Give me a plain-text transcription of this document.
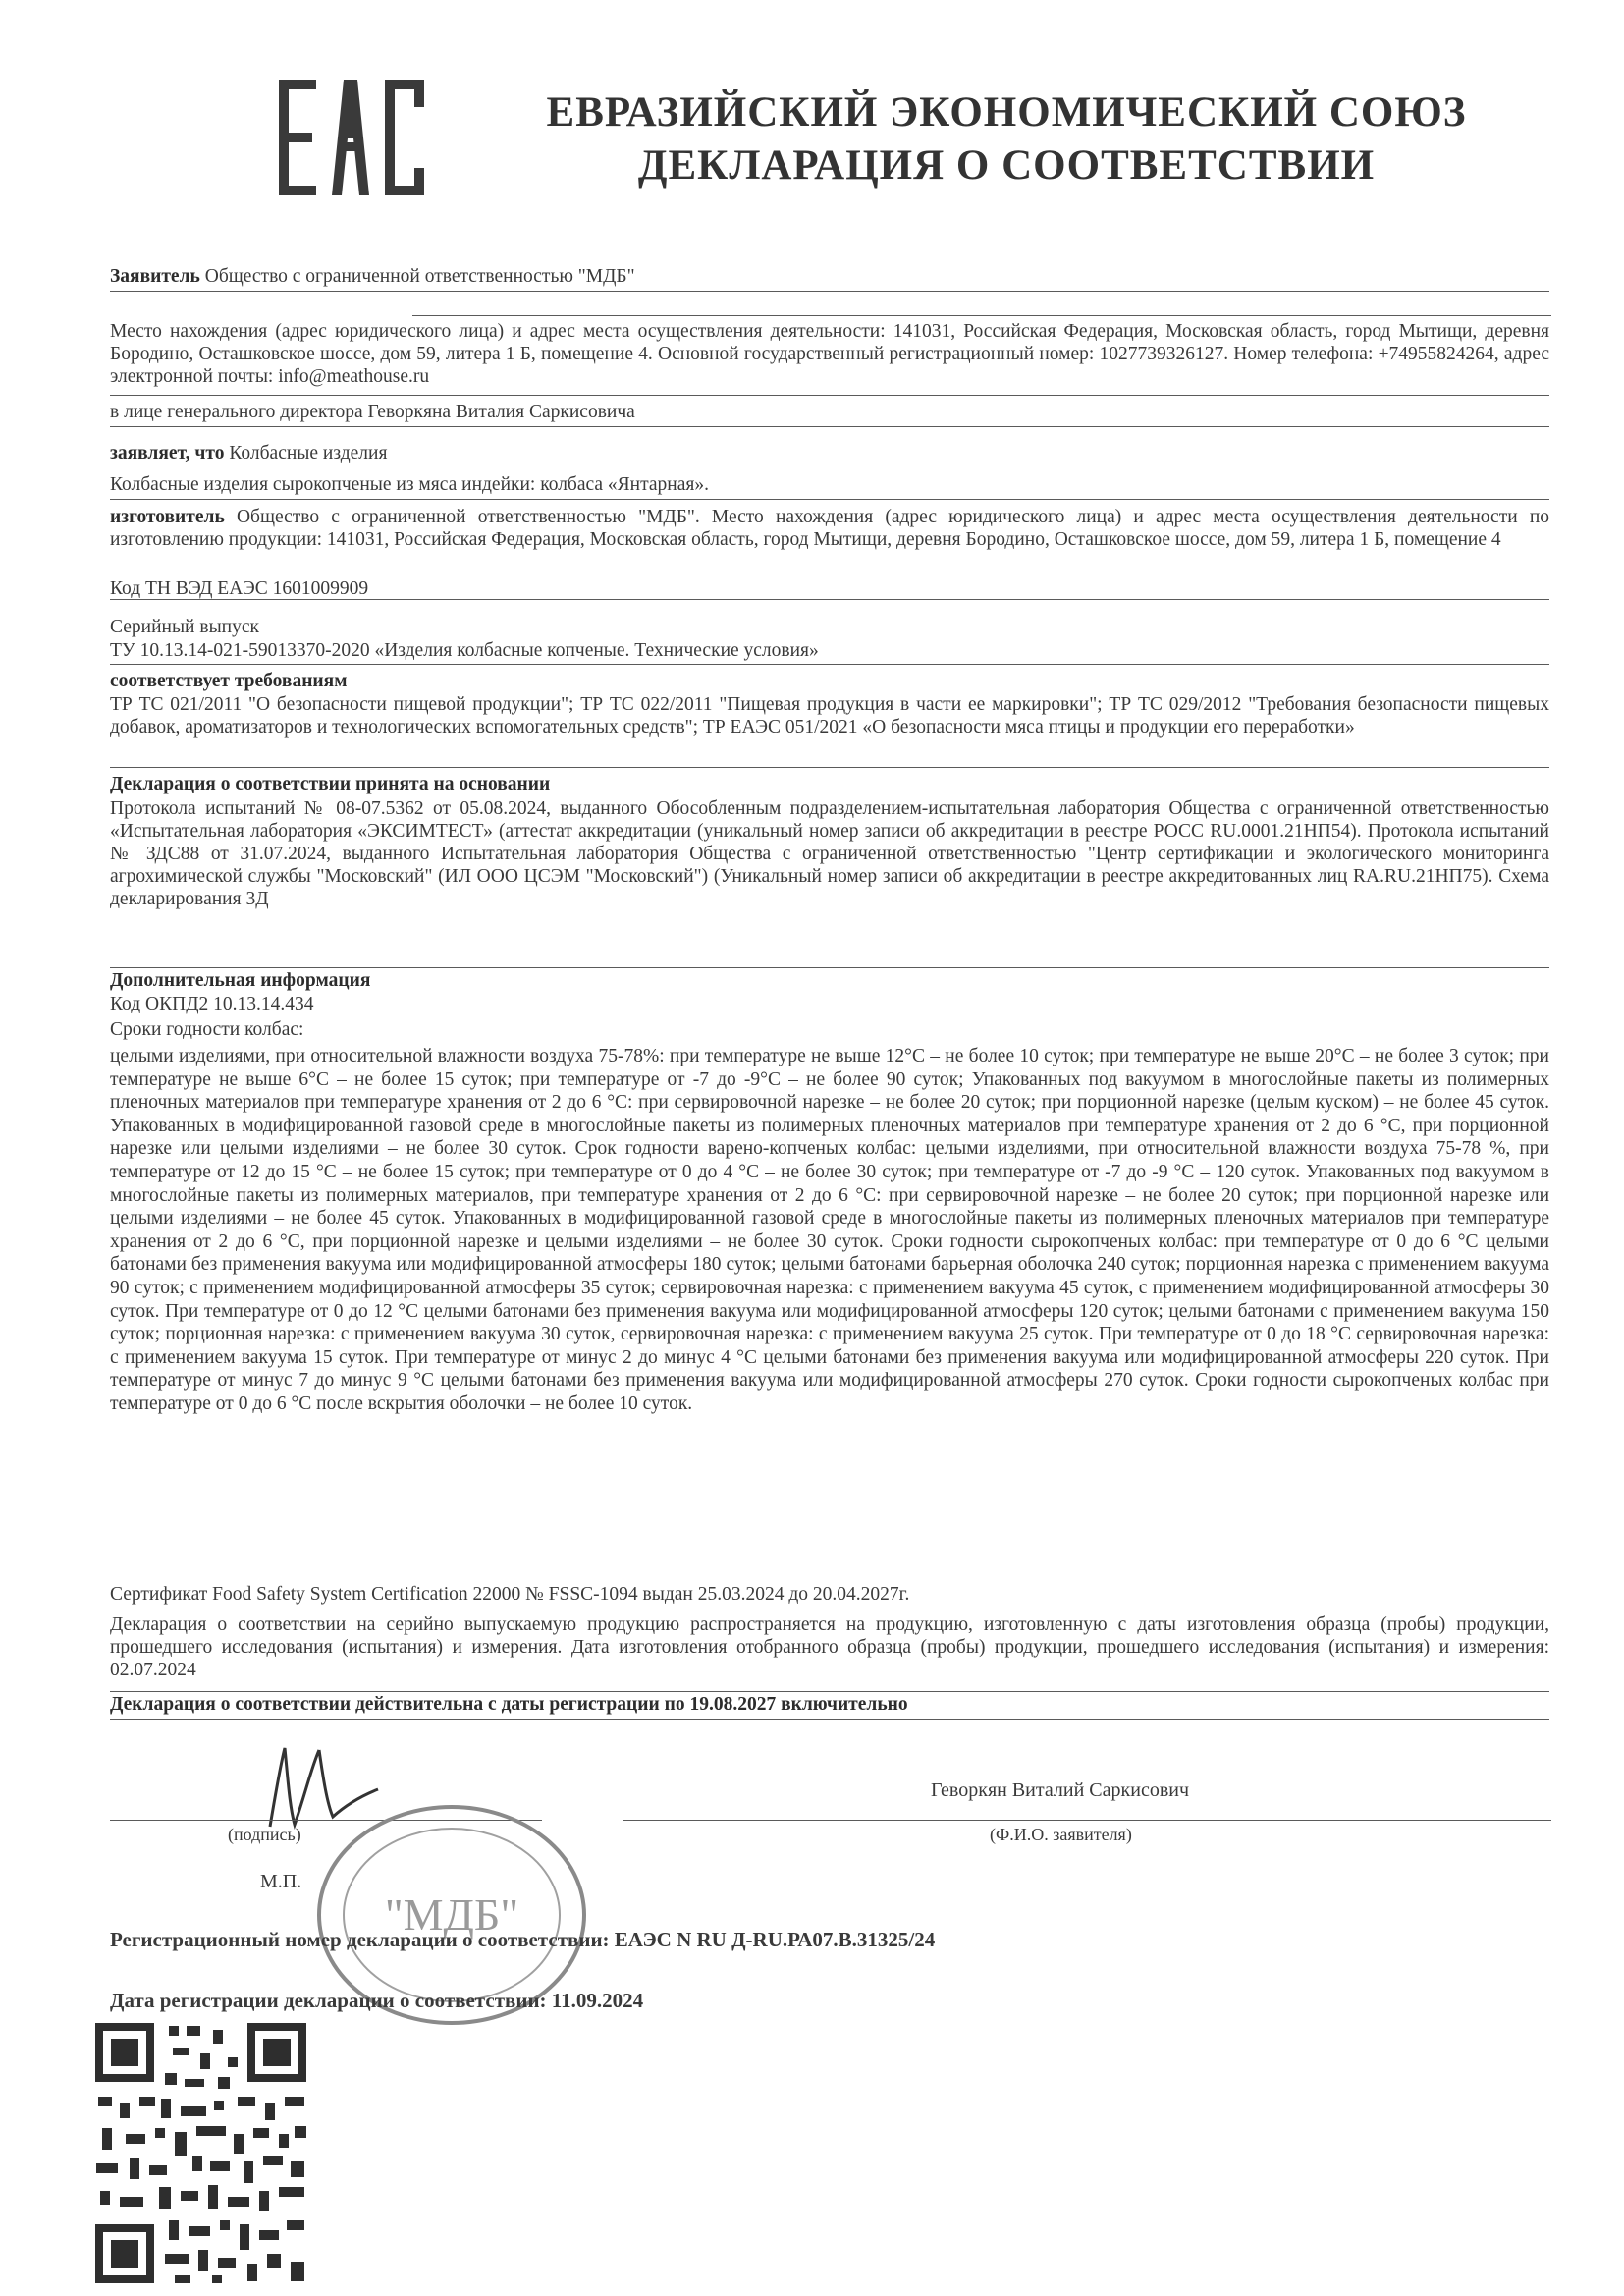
ЕВРАЗИЙСКИЙ ЭКОНОМИЧЕСКИЙ СОЮЗ
ДЕКЛАРАЦИЯ О СООТВЕТСТВИИ
Заявитель Общество с ограниченной ответственностью "МДБ"
Место нахождения (адрес юридического лица) и адрес места осуществления деятельности: 141031, Российская Федерация, Московская область, город Мытищи, деревня Бородино, Осташковское шоссе, дом 59, литера 1 Б, помещение 4. Основной государственный регистрационный номер: 1027739326127. Номер телефона: +74955824264, адрес электронной почты: info@meathouse.ru
в лице генерального директора Геворкяна Виталия Саркисовича
заявляет, что Колбасные изделия
Колбасные изделия сырокопченые из мяса индейки: колбаса «Янтарная».
изготовитель Общество с ограниченной ответственностью "МДБ". Место нахождения (адрес юридического лица) и адрес места осуществления деятельности по изготовлению продукции: 141031, Российская Федерация, Московская область, город Мытищи, деревня Бородино, Осташковское шоссе, дом 59, литера 1 Б, помещение 4
Код ТН ВЭД ЕАЭС 1601009909
Серийный выпуск
ТУ 10.13.14-021-59013370-2020 «Изделия колбасные копченые. Технические условия»
соответствует требованиям
ТР ТС 021/2011 "О безопасности пищевой продукции"; ТР ТС 022/2011 "Пищевая продукция в части ее маркировки"; ТР ТС 029/2012 "Требования безопасности пищевых добавок, ароматизаторов и технологических вспомогательных средств"; ТР ЕАЭС 051/2021 «О безопасности мяса птицы и продукции его переработки»
Декларация о соответствии принята на основании
Протокола испытаний № 08-07.5362 от 05.08.2024, выданного Обособленным подразделением-испытательная лаборатория Общества с ограниченной ответственностью «Испытательная лаборатория «ЭКСИМТЕСТ» (аттестат аккредитации (уникальный номер записи об аккредитации в реестре РОСС RU.0001.21НП54). Протокола испытаний № ЗДС88 от 31.07.2024, выданного Испытательная лаборатория Общества с ограниченной ответственностью "Центр сертификации и экологического мониторинга агрохимической службы "Московский" (ИЛ ООО ЦСЭМ "Московский") (Уникальный номер записи об аккредитации в реестре аккредитованных лиц RA.RU.21НП75). Схема декларирования 3Д
Дополнительная информация
Код ОКПД2 10.13.14.434
Сроки годности колбас:
целыми изделиями, при относительной влажности воздуха 75-78%: при температуре не выше 12°С – не более 10 суток; при температуре не выше 20°С – не более 3 суток; при температуре не выше 6°С – не более 15 суток; при температуре от -7 до -9°С – не более 90 суток; Упакованных под вакуумом в многослойные пакеты из полимерных пленочных материалов при температуре хранения от 2 до 6 °С: при сервировочной нарезке – не более 20 суток; при порционной нарезке (целым куском) – не более 45 суток. Упакованных в модифицированной газовой среде в многослойные пакеты из полимерных пленочных материалов при температуре хранения от 2 до 6 °С, при порционной нарезке или целыми изделиями – не более 30 суток. Срок годности варено-копченых колбас: целыми изделиями, при относительной влажности воздуха 75-78 %, при температуре от 12 до 15 °С – не более 15 суток; при температуре от 0 до 4 °С – не более 30 суток; при температуре от -7 до -9 °С – 120 суток. Упакованных под вакуумом в многослойные пакеты из полимерных материалов, при температуре хранения от 2 до 6 °С: при сервировочной нарезке – не более 20 суток; при порционной нарезке или целыми изделиями – не более 45 суток. Упакованных в модифицированной газовой среде в многослойные пакеты из полимерных пленочных материалов при температуре хранения от 2 до 6 °С, при порционной нарезке и целыми изделиями – не более 30 суток. Сроки годности сырокопченых колбас: при температуре от 0 до 6 °С целыми батонами без применения вакуума или модифицированной атмосферы 180 суток; целыми батонами барьерная оболочка 240 суток; порционная нарезка с применением вакуума 90 суток; с применением модифицированной атмосферы 35 суток; сервировочная нарезка: с применением вакуума 45 суток, с применением модифицированной атмосферы 30 суток. При температуре от 0 до 12 °С целыми батонами без применения вакуума или модифицированной атмосферы 120 суток; целыми батонами с применением вакуума 150 суток; порционная нарезка: с применением вакуума 30 суток, сервировочная нарезка: с применением вакуума 25 суток. При температуре от 0 до 18 °С сервировочная нарезка: с применением вакуума 15 суток. При температуре от минус 2 до минус 4 °С целыми батонами без применения вакуума или модифицированной атмосферы 220 суток. При температуре от минус 7 до минус 9 °С целыми батонами без применения вакуума или модифицированной атмосферы 270 суток. Сроки годности сырокопченых колбас при температуре от 0 до 6 °С после вскрытия оболочки – не более 10 суток.
Сертификат Food Safety System Certification 22000 № FSSC-1094 выдан 25.03.2024 до 20.04.2027г.
Декларация о соответствии на серийно выпускаемую продукцию распространяется на продукцию, изготовленную с даты изготовления образца (пробы) продукции, прошедшего исследования (испытания) и измерения. Дата изготовления отобранного образца (пробы) продукции, прошедшего исследования (испытания) и измерения: 02.07.2024
Декларация о соответствии действительна с даты регистрации по 19.08.2027 включительно
(подпись)
Геворкян Виталий Саркисович
(Ф.И.О. заявителя)
М.П.
"МДБ"
Регистрационный номер декларации о соответствии: ЕАЭС N RU Д-RU.РА07.В.31325/24
Дата регистрации декларации о соответствии: 11.09.2024
